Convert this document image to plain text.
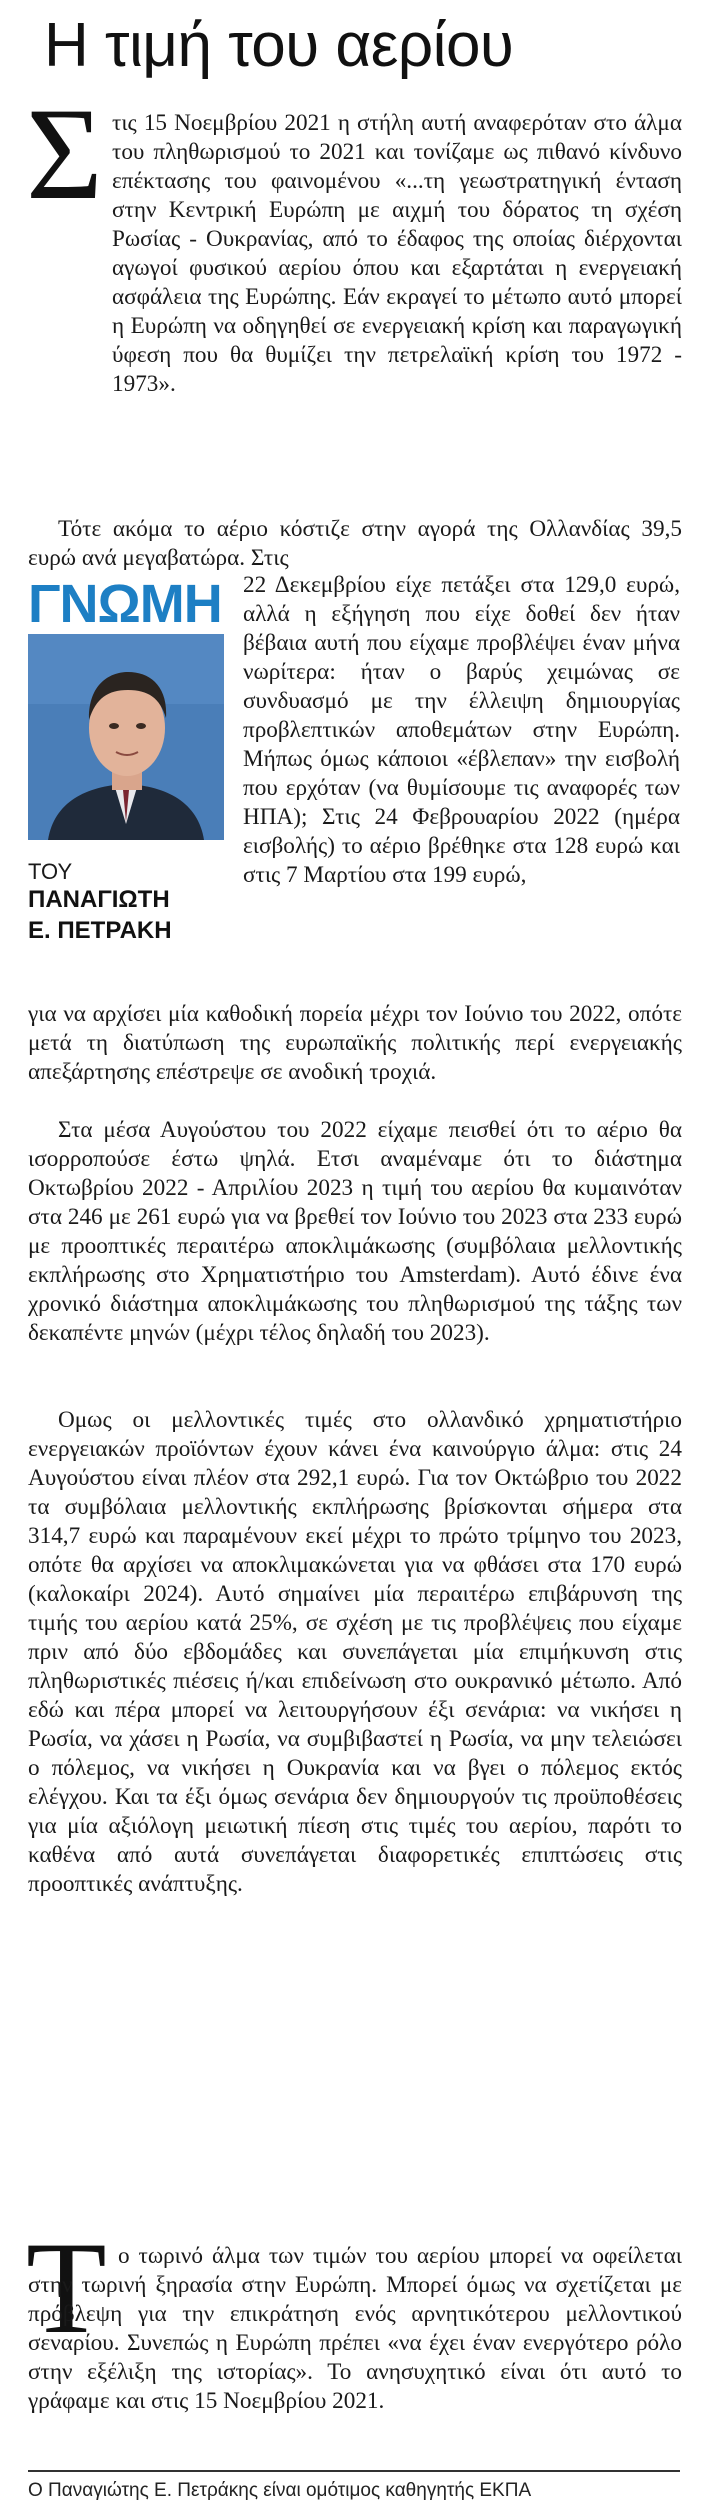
Η τιμή του αερίου
Σ τις 15 Νοεμβρίου 2021 η στήλη αυτή αναφερόταν στο άλμα του πληθωρισμού το 2021 και τονίζαμε ως πιθανό κίνδυνο επέκτασης του φαινομένου «...τη γεωστρατηγική ένταση στην Κεντρική Ευρώπη με αιχμή του δόρατος τη σχέση Ρωσίας - Ουκρανίας, από το έδαφος της οποίας διέρχονται αγωγοί φυσικού αερίου όπου και εξαρτάται η ενεργειακή ασφάλεια της Ευρώπης. Εάν εκραγεί το μέτωπο αυτό μπορεί η Ευρώπη να οδηγηθεί σε ενεργειακή κρίση και παραγωγική ύφεση που θα θυμίζει την πετρελαϊκή κρίση του 1972 - 1973».

Τότε ακόμα το αέριο κόστιζε στην αγορά της Ολλανδίας 39,5 ευρώ ανά μεγαβατώρα. Στις

ΓΝΩΜΗ
ΤΟΥ
ΠΑΝΑΓΙΩΤΗ
Ε. ΠΕΤΡΑΚΗ

22 Δεκεμβρίου είχε πετάξει στα 129,0 ευρώ, αλλά η εξήγηση που είχε δοθεί δεν ήταν βέβαια αυτή που είχαμε προβλέψει έναν μήνα νωρίτερα: ήταν ο βαρύς χειμώνας σε συνδυασμό με την έλλειψη δημιουργίας προβλεπτικών αποθεμάτων στην Ευρώπη. Μήπως όμως κάποιοι «έβλεπαν» την εισβολή που ερχόταν (να θυμίσουμε τις αναφορές των ΗΠΑ); Στις 24 Φεβρουαρίου 2022 (ημέρα εισβολής) το αέριο βρέθηκε στα 128 ευρώ και στις 7 Μαρτίου στα 199 ευρώ,

για να αρχίσει μία καθοδική πορεία μέχρι τον Ιούνιο του 2022, οπότε μετά τη διατύπωση της ευρωπαϊκής πολιτικής περί ενεργειακής απεξάρτησης επέστρεψε σε ανοδική τροχιά.

Στα μέσα Αυγούστου του 2022 είχαμε πεισθεί ότι το αέριο θα ισορροπούσε έστω ψηλά. Ετσι αναμέναμε ότι το διάστημα Οκτωβρίου 2022 - Απριλίου 2023 η τιμή του αερίου θα κυμαινόταν στα 246 με 261 ευρώ για να βρεθεί τον Ιούνιο του 2023 στα 233 ευρώ με προοπτικές περαιτέρω αποκλιμάκωσης (συμβόλαια μελλοντικής εκπλήρωσης στο Χρηματιστήριο του Amsterdam). Αυτό έδινε ένα χρονικό διάστημα αποκλιμάκωσης του πληθωρισμού της τάξης των δεκαπέντε μηνών (μέχρι τέλος δηλαδή του 2023).

Ομως οι μελλοντικές τιμές στο ολλανδικό χρηματιστήριο ενεργειακών προϊόντων έχουν κάνει ένα καινούργιο άλμα: στις 24 Αυγούστου είναι πλέον στα 292,1 ευρώ. Για τον Οκτώβριο του 2022 τα συμβόλαια μελλοντικής εκπλήρωσης βρίσκονται σήμερα στα 314,7 ευρώ και παραμένουν εκεί μέχρι το πρώτο τρίμηνο του 2023, οπότε θα αρχίσει να αποκλιμακώνεται για να φθάσει στα 170 ευρώ (καλοκαίρι 2024). Αυτό σημαίνει μία περαιτέρω επιβάρυνση της τιμής του αερίου κατά 25%, σε σχέση με τις προβλέψεις που είχαμε πριν από δύο εβδομάδες και συνεπάγεται μία επιμήκυνση στις πληθωριστικές πιέσεις ή/και επιδείνωση στο ουκρανικό μέτωπο. Από εδώ και πέρα μπορεί να λειτουργήσουν έξι σενάρια: να νικήσει η Ρωσία, να χάσει η Ρωσία, να συμβιβαστεί η Ρωσία, να μην τελειώσει ο πόλεμος, να νικήσει η Ουκρανία και να βγει ο πόλεμος εκτός ελέγχου. Και τα έξι όμως σενάρια δεν δημιουργούν τις προϋποθέσεις για μία αξιόλογη μειωτική πίεση στις τιμές του αερίου, παρότι το καθένα από αυτά συνεπάγεται διαφορετικές επιπτώσεις στις προοπτικές ανάπτυξης.

Τ ο τωρινό άλμα των τιμών του αερίου μπορεί να οφείλεται στην τωρινή ξηρασία στην Ευρώπη. Μπορεί όμως να σχετίζεται με πρόβλεψη για την επικράτηση ενός αρνητικότερου μελλοντικού σεναρίου. Συνεπώς η Ευρώπη πρέπει «να έχει έναν ενεργότερο ρόλο στην εξέλιξη της ιστορίας». Το ανησυχητικό είναι ότι αυτό το γράφαμε και στις 15 Νοεμβρίου 2021.

Ο Παναγιώτης Ε. Πετράκης είναι ομότιμος καθηγητής ΕΚΠΑ
